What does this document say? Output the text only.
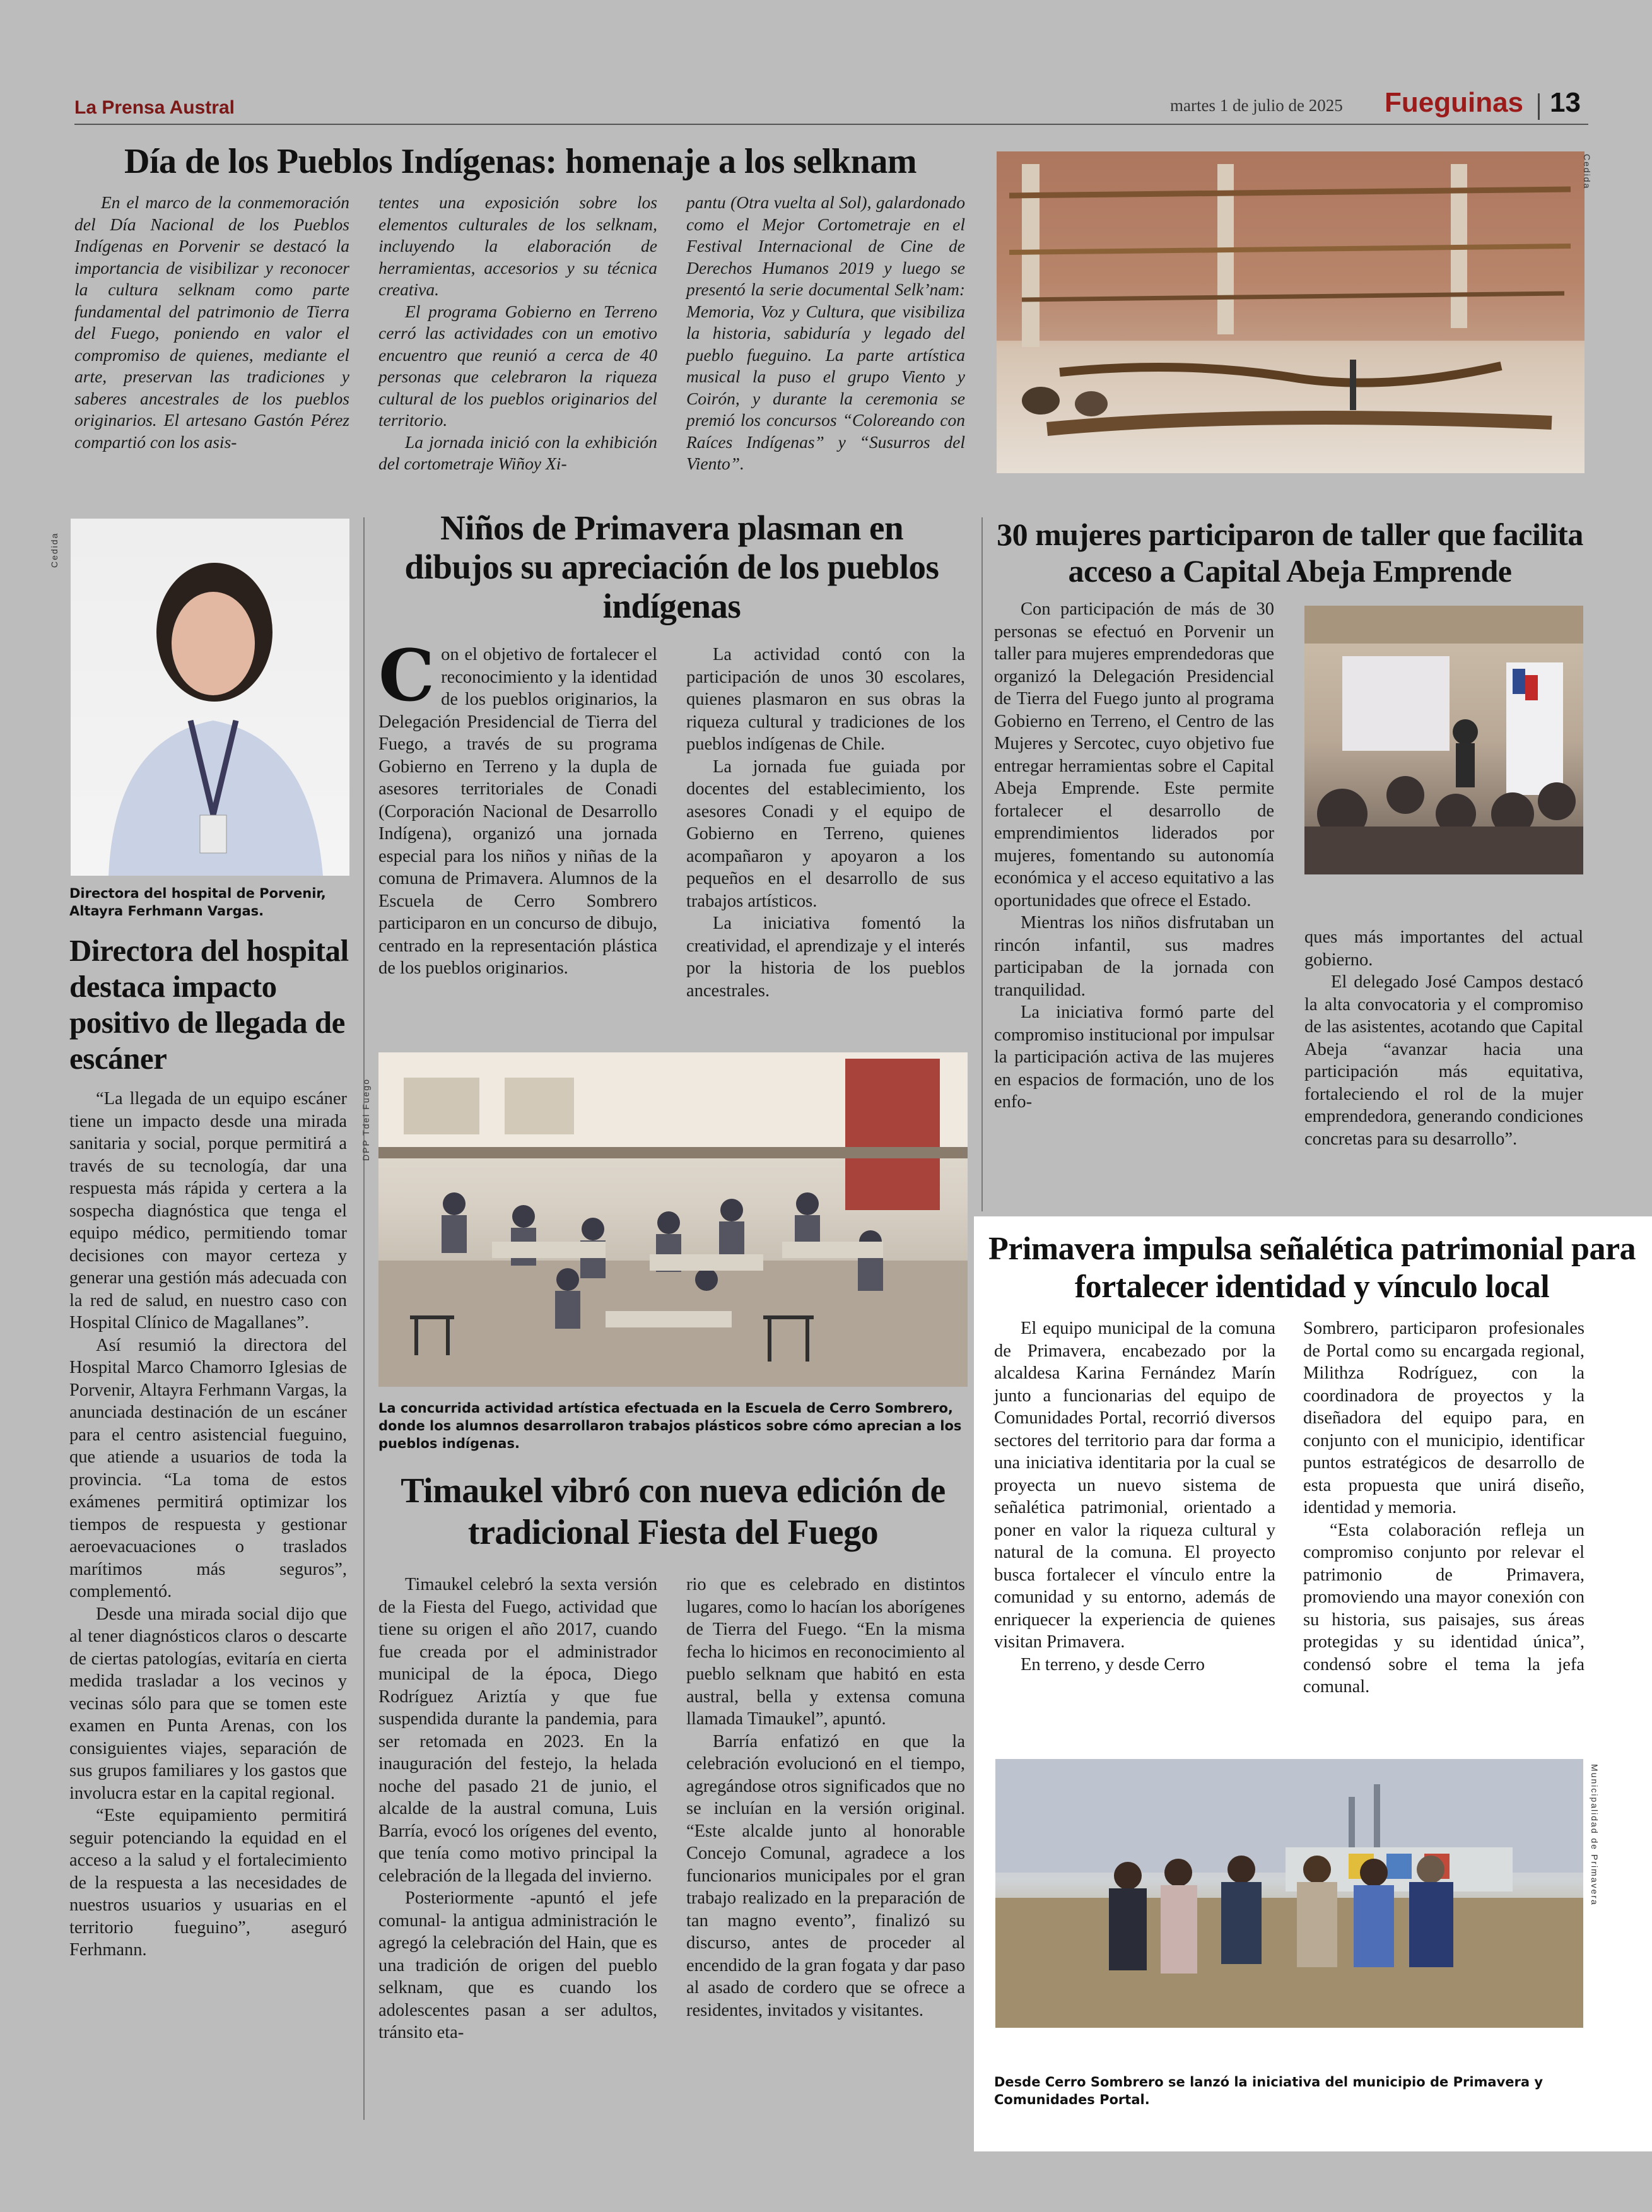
La Prensa Austral	martes 1 de julio de 2025 Fueguinas 13
Día de los Pueblos Indígenas: homenaje a los selknam

En el marco de la conmemoración del Día Nacional de los Pueblos Indígenas en Porvenir se destacó la importancia de visibilizar y reconocer la cultura selknam como parte fundamental del patrimonio de Tierra del Fuego, poniendo en valor el compromiso de quienes, mediante el arte, preservan las tradiciones y saberes ancestrales de los pueblos originarios. El artesano Gastón Pérez compartió con los asis-

tentes una exposición sobre los elementos culturales de los selknam, incluyendo la elaboración de herramientas, accesorios y su técnica creativa.

El programa Gobierno en Terreno cerró las actividades con un emotivo encuentro que reunió a cerca de 40 personas que celebraron la riqueza cultural de los pueblos originarios del territorio.

La jornada inició con la exhibición del cortometraje Wiñoy Xi-

pantu (Otra vuelta al Sol), galardonado como el Mejor Cortometraje en el Festival Internacional de Cine de Derechos Humanos 2019 y luego se presentó la serie documental Selk’nam: Memoria, Voz y Cultura, que visibiliza la historia, sabiduría y legado del pueblo fueguino. La parte artística musical la puso el grupo Viento y Coirón, y durante la ceremonia se premió los concursos “Coloreando con Raíces Indígenas” y “Susurros del Viento”.

Cedida
Cedida
Directora del hospital de Porvenir, Altayra Ferhmann Vargas.
Directora del hospital destaca impacto positivo de llegada de escáner

“La llegada de un equipo escáner tiene un impacto desde una mirada sanitaria y social, porque permitirá a través de su tecnología, dar una respuesta más rápida y certera a la sospecha diagnóstica que tenga el equipo médico, permitiendo tomar decisiones con mayor certeza y generar una gestión más adecuada con la red de salud, en nuestro caso con Hospital Clínico de Magallanes”.

Así resumió la directora del Hospital Marco Chamorro Iglesias de Porvenir, Altayra Ferhmann Vargas, la anunciada destinación de un escáner para el centro asistencial fueguino, que atiende a usuarios de toda la provincia. “La toma de estos exámenes permitirá optimizar los tiempos de respuesta y gestionar aeroevacuaciones o traslados marítimos más seguros”, complementó.

Desde una mirada social dijo que al tener diagnósticos claros o descarte de ciertas patologías, evitaría en cierta medida trasladar a los vecinos y vecinas sólo para que se tomen este examen en Punta Arenas, con los consiguientes viajes, separación de sus grupos familiares y los gastos que involucra estar en la capital regional.

“Este equipamiento permitirá seguir potenciando la equidad en el acceso a la salud y el fortalecimiento de la respuesta a las necesidades de nuestros usuarios y usuarias en el territorio fueguino”, aseguró Ferhmann.

Niños de Primavera plasman en dibujos su apreciación de los pueblos indígenas

Con el objetivo de fortalecer el reconocimiento y la identidad de los pueblos originarios, la Delegación Presidencial de Tierra del Fuego, a través de su programa Gobierno en Terreno y la dupla de asesores territoriales de Conadi (Corporación Nacional de Desarrollo Indígena), organizó una jornada especial para los niños y niñas de la comuna de Primavera. Alumnos de la Escuela de Cerro Sombrero participaron en un concurso de dibujo, centrado en la representación plástica de los pueblos originarios.

La actividad contó con la participación de unos 30 escolares, quienes plasmaron en sus obras la riqueza cultural y tradiciones de los pueblos indígenas de Chile.

La jornada fue guiada por docentes del establecimiento, los asesores Conadi y el equipo de Gobierno en Terreno, quienes acompañaron y apoyaron a los pequeños en el desarrollo de sus trabajos artísticos.

La iniciativa fomentó la creatividad, el aprendizaje y el interés por la historia de los pueblos ancestrales.

DPP Tdel Fuego
La concurrida actividad artística efectuada en la Escuela de Cerro Sombrero, donde los alumnos desarrollaron trabajos plásticos sobre cómo aprecian a los pueblos indígenas.
30 mujeres participaron de taller que facilita acceso a Capital Abeja Emprende

Con participación de más de 30 personas se efectuó en Porvenir un taller para mujeres emprendedoras que organizó la Delegación Presidencial de Tierra del Fuego junto al programa Gobierno en Terreno, el Centro de las Mujeres y Sercotec, cuyo objetivo fue entregar herramientas sobre el Capital Abeja Emprende. Este permite fortalecer el desarrollo de emprendimientos liderados por mujeres, fomentando su autonomía económica y el acceso equitativo a las oportunidades que ofrece el Estado.

Mientras los niños disfrutaban un rincón infantil, sus madres participaban de la jornada con tranquilidad.

La iniciativa formó parte del compromiso institucional por impulsar la participación activa de las mujeres en espacios de formación, uno de los enfo-

ques más importantes del actual gobierno.

El delegado José Campos destacó la alta convocatoria y el compromiso de las asistentes, acotando que Capital Abeja “avanzar hacia una participación más equitativa, fortaleciendo el rol de la mujer emprendedora, generando condiciones concretas para su desarrollo”.

Primavera impulsa señalética patrimonial para fortalecer identidad y vínculo local

El equipo municipal de la comuna de Primavera, encabezado por la alcaldesa Karina Fernández Marín junto a funcionarias del equipo de Comunidades Portal, recorrió diversos sectores del territorio para dar forma a una iniciativa identitaria por la cual se proyecta un nuevo sistema de señalética patrimonial, orientado a poner en valor la riqueza cultural y natural de la comuna. El proyecto busca fortalecer el vínculo entre la comunidad y su entorno, además de enriquecer la experiencia de quienes visitan Primavera.

En terreno, y desde Cerro

Sombrero, participaron profesionales de Portal como su encargada regional, Milithza Rodríguez, con la coordinadora de proyectos y la diseñadora del equipo para, en conjunto con el municipio, identificar puntos estratégicos de desarrollo de esta propuesta que unirá diseño, identidad y memoria.

“Esta colaboración refleja un compromiso conjunto por relevar el patrimonio de Primavera, promoviendo una mayor conexión con su historia, sus paisajes, sus áreas protegidas y su identidad única”, condensó sobre el tema la jefa comunal.

Municipalidad de Primavera
Desde Cerro Sombrero se lanzó la iniciativa del municipio de Primavera y Comunidades Portal.
Timaukel vibró con nueva edición de tradicional Fiesta del Fuego

Timaukel celebró la sexta versión de la Fiesta del Fuego, actividad que tiene su origen el año 2017, cuando fue creada por el administrador municipal de la época, Diego Rodríguez Ariztía y que fue suspendida durante la pandemia, para ser retomada en 2023. En la inauguración del festejo, la helada noche del pasado 21 de junio, el alcalde de la austral comuna, Luis Barría, evocó los orígenes del evento, que tenía como motivo principal la celebración de la llegada del invierno.

Posteriormente -apuntó el jefe comunal- la antigua administración le agregó la celebración del Hain, que es una tradición de origen del pueblo selknam, que es cuando los adolescentes pasan a ser adultos, tránsito eta-

rio que es celebrado en distintos lugares, como lo hacían los aborígenes de Tierra del Fuego. “En la misma fecha lo hicimos en reconocimiento al pueblo selknam que habitó en esta austral, bella y extensa comuna llamada Timaukel”, apuntó.

Barría enfatizó en que la celebración evolucionó en el tiempo, agregándose otros significados que no se incluían en la versión original. “Este alcalde junto al honorable Concejo Comunal, agradece a los funcionarios municipales por el gran trabajo realizado en la preparación de tan magno evento”, finalizó su discurso, antes de proceder al encendido de la gran fogata y dar paso al asado de cordero que se ofrece a residentes, invitados y visitantes.
